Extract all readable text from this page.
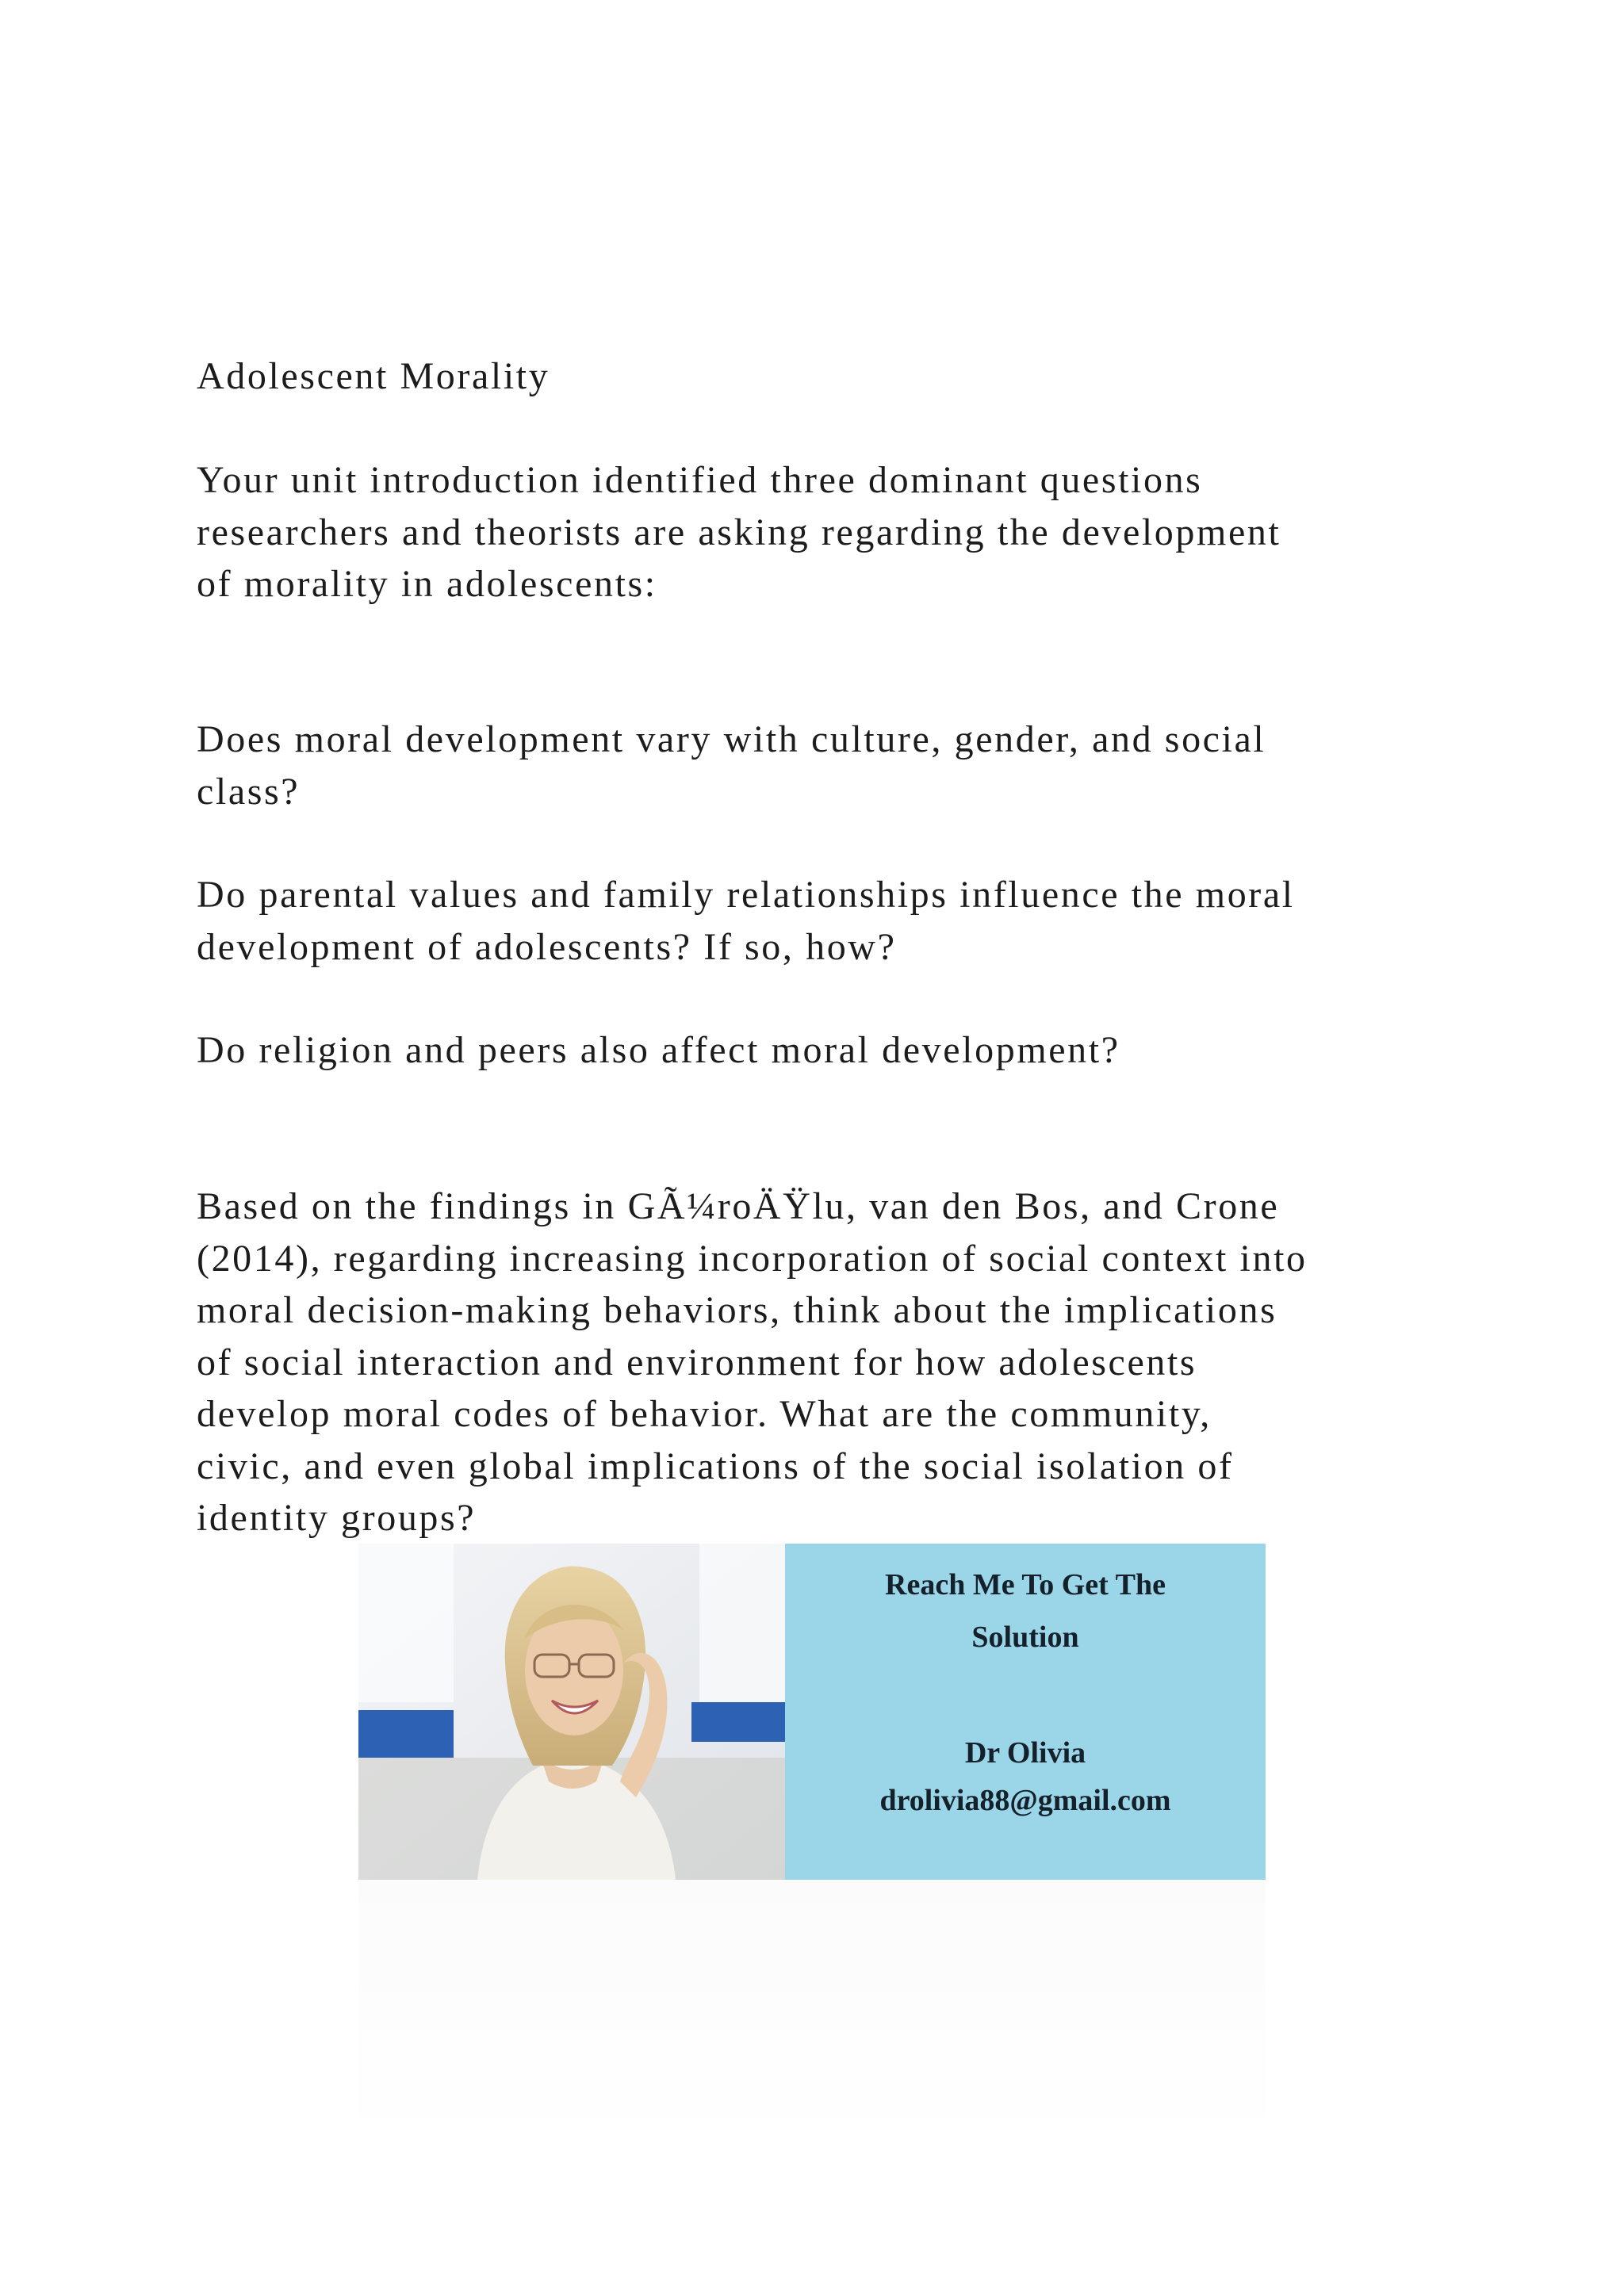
Adolescent Morality
Your unit introduction identified three dominant questions
researchers and theorists are asking regarding the development
of morality in adolescents:
Does moral development vary with culture, gender, and social
class?
Do parental values and family relationships influence the moral
development of adolescents? If so, how?
Do religion and peers also affect moral development?
Based on the findings in GÃ¼roÄŸlu, van den Bos, and Crone
(2014), regarding increasing incorporation of social context into
moral decision-making behaviors, think about the implications
of social interaction and environment for how adolescents
develop moral codes of behavior. What are the community,
civic, and even global implications of the social isolation of
identity groups?
Reach Me To Get The
Solution
Dr Olivia
drolivia88@gmail.com
